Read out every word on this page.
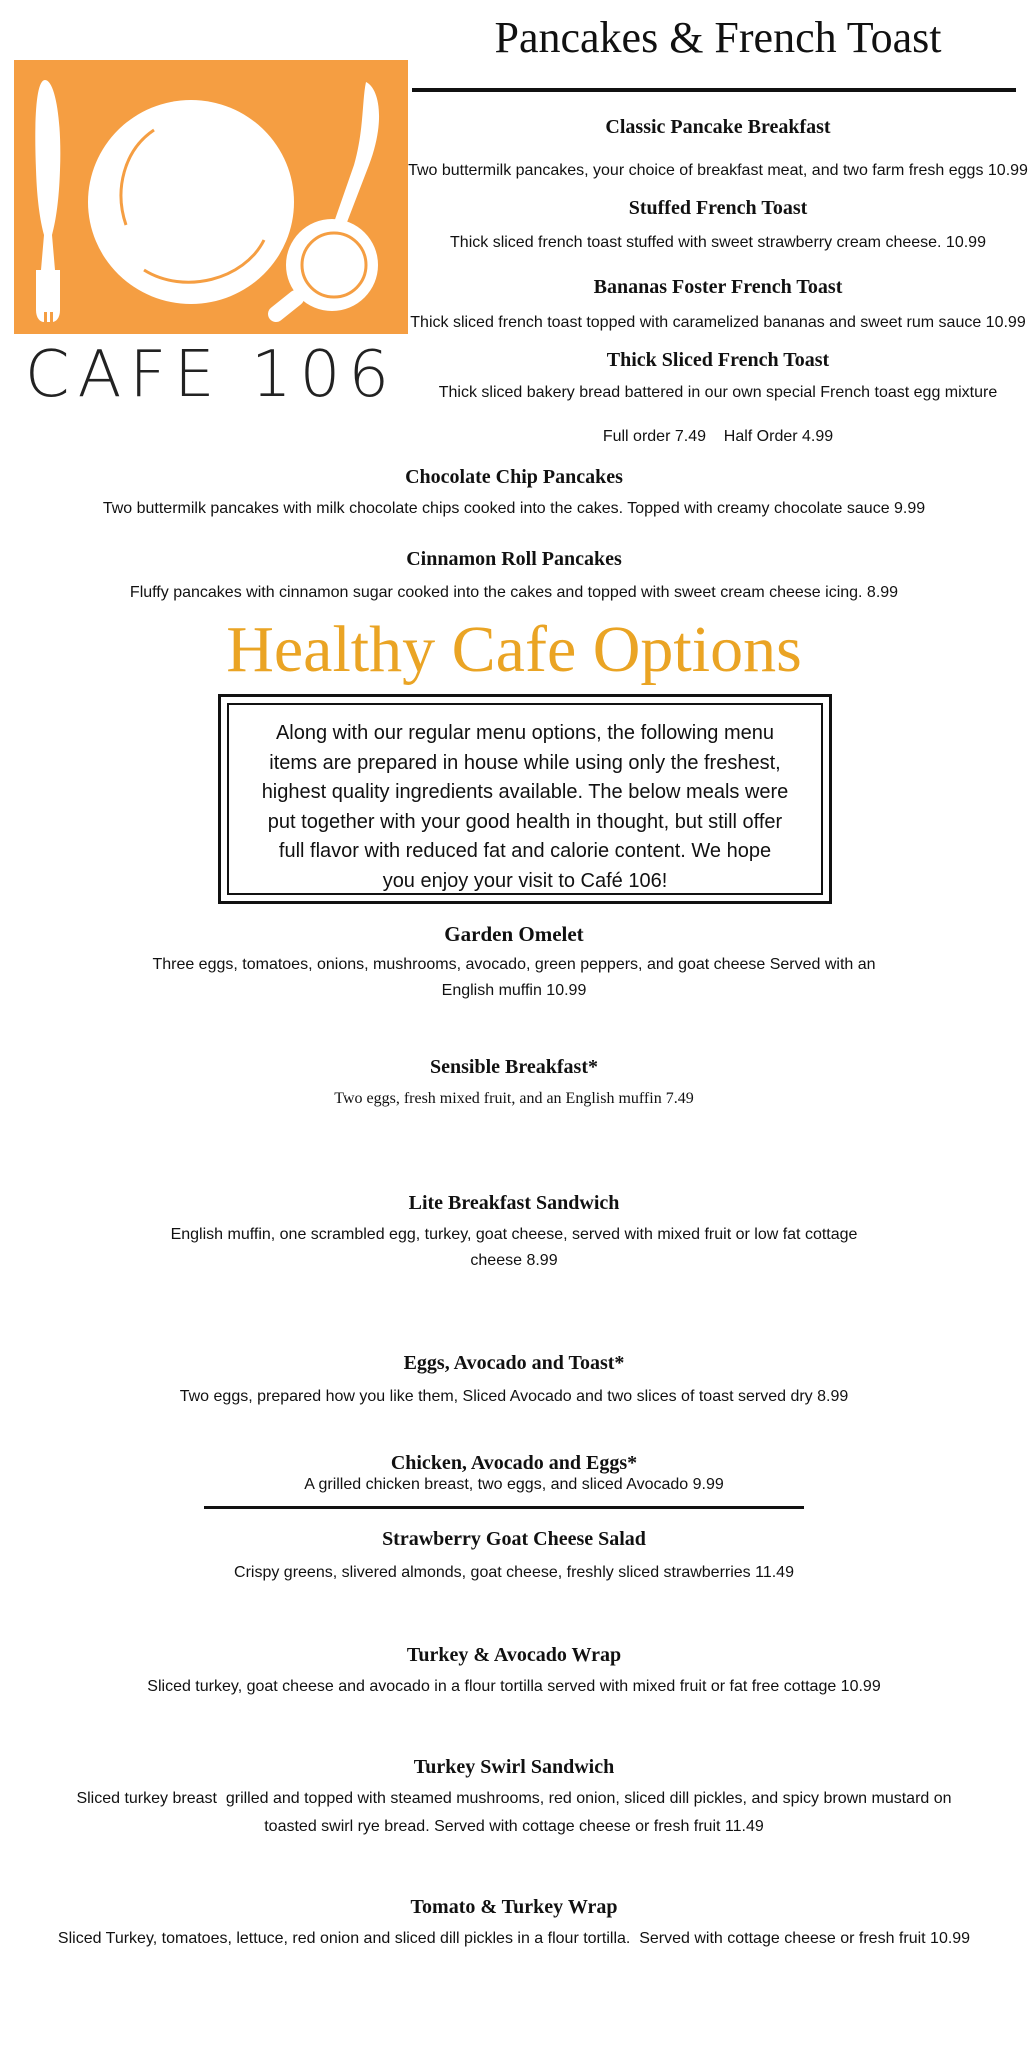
CAFE 106
Pancakes & French Toast
Classic Pancake Breakfast
Two buttermilk pancakes, your choice of breakfast meat, and two farm fresh eggs 10.99
Stuffed French Toast
Thick sliced french toast stuffed with sweet strawberry cream cheese. 10.99
Bananas Foster French Toast
Thick sliced french toast topped with caramelized bananas and sweet rum sauce 10.99
Thick Sliced French Toast
Thick sliced bakery bread battered in our own special French toast egg mixture
Full order 7.49    Half Order 4.99
Chocolate Chip Pancakes
Two buttermilk pancakes with milk chocolate chips cooked into the cakes. Topped with creamy chocolate sauce 9.99
Cinnamon Roll Pancakes
Fluffy pancakes with cinnamon sugar cooked into the cakes and topped with sweet cream cheese icing. 8.99
Healthy Cafe Options
Along with our regular menu options, the following menu
items are prepared in house while using only the freshest,
highest quality ingredients available. The below meals were
put together with your good health in thought, but still offer
full flavor with reduced fat and calorie content. We hope
you enjoy your visit to Café 106!
Garden Omelet
Three eggs, tomatoes, onions, mushrooms, avocado, green peppers, and goat cheese Served with an
English muffin 10.99
Sensible Breakfast*
Two eggs, fresh mixed fruit, and an English muffin 7.49
Lite Breakfast Sandwich
English muffin, one scrambled egg, turkey, goat cheese, served with mixed fruit or low fat cottage
cheese 8.99
Eggs, Avocado and Toast*
Two eggs, prepared how you like them, Sliced Avocado and two slices of toast served dry 8.99
Chicken, Avocado and Eggs*
A grilled chicken breast, two eggs, and sliced Avocado 9.99
Strawberry Goat Cheese Salad
Crispy greens, slivered almonds, goat cheese, freshly sliced strawberries 11.49
Turkey & Avocado Wrap
Sliced turkey, goat cheese and avocado in a flour tortilla served with mixed fruit or fat free cottage 10.99
Turkey Swirl Sandwich
Sliced turkey breast  grilled and topped with steamed mushrooms, red onion, sliced dill pickles, and spicy brown mustard on
toasted swirl rye bread. Served with cottage cheese or fresh fruit 11.49
Tomato & Turkey Wrap
Sliced Turkey, tomatoes, lettuce, red onion and sliced dill pickles in a flour tortilla.  Served with cottage cheese or fresh fruit 10.99
